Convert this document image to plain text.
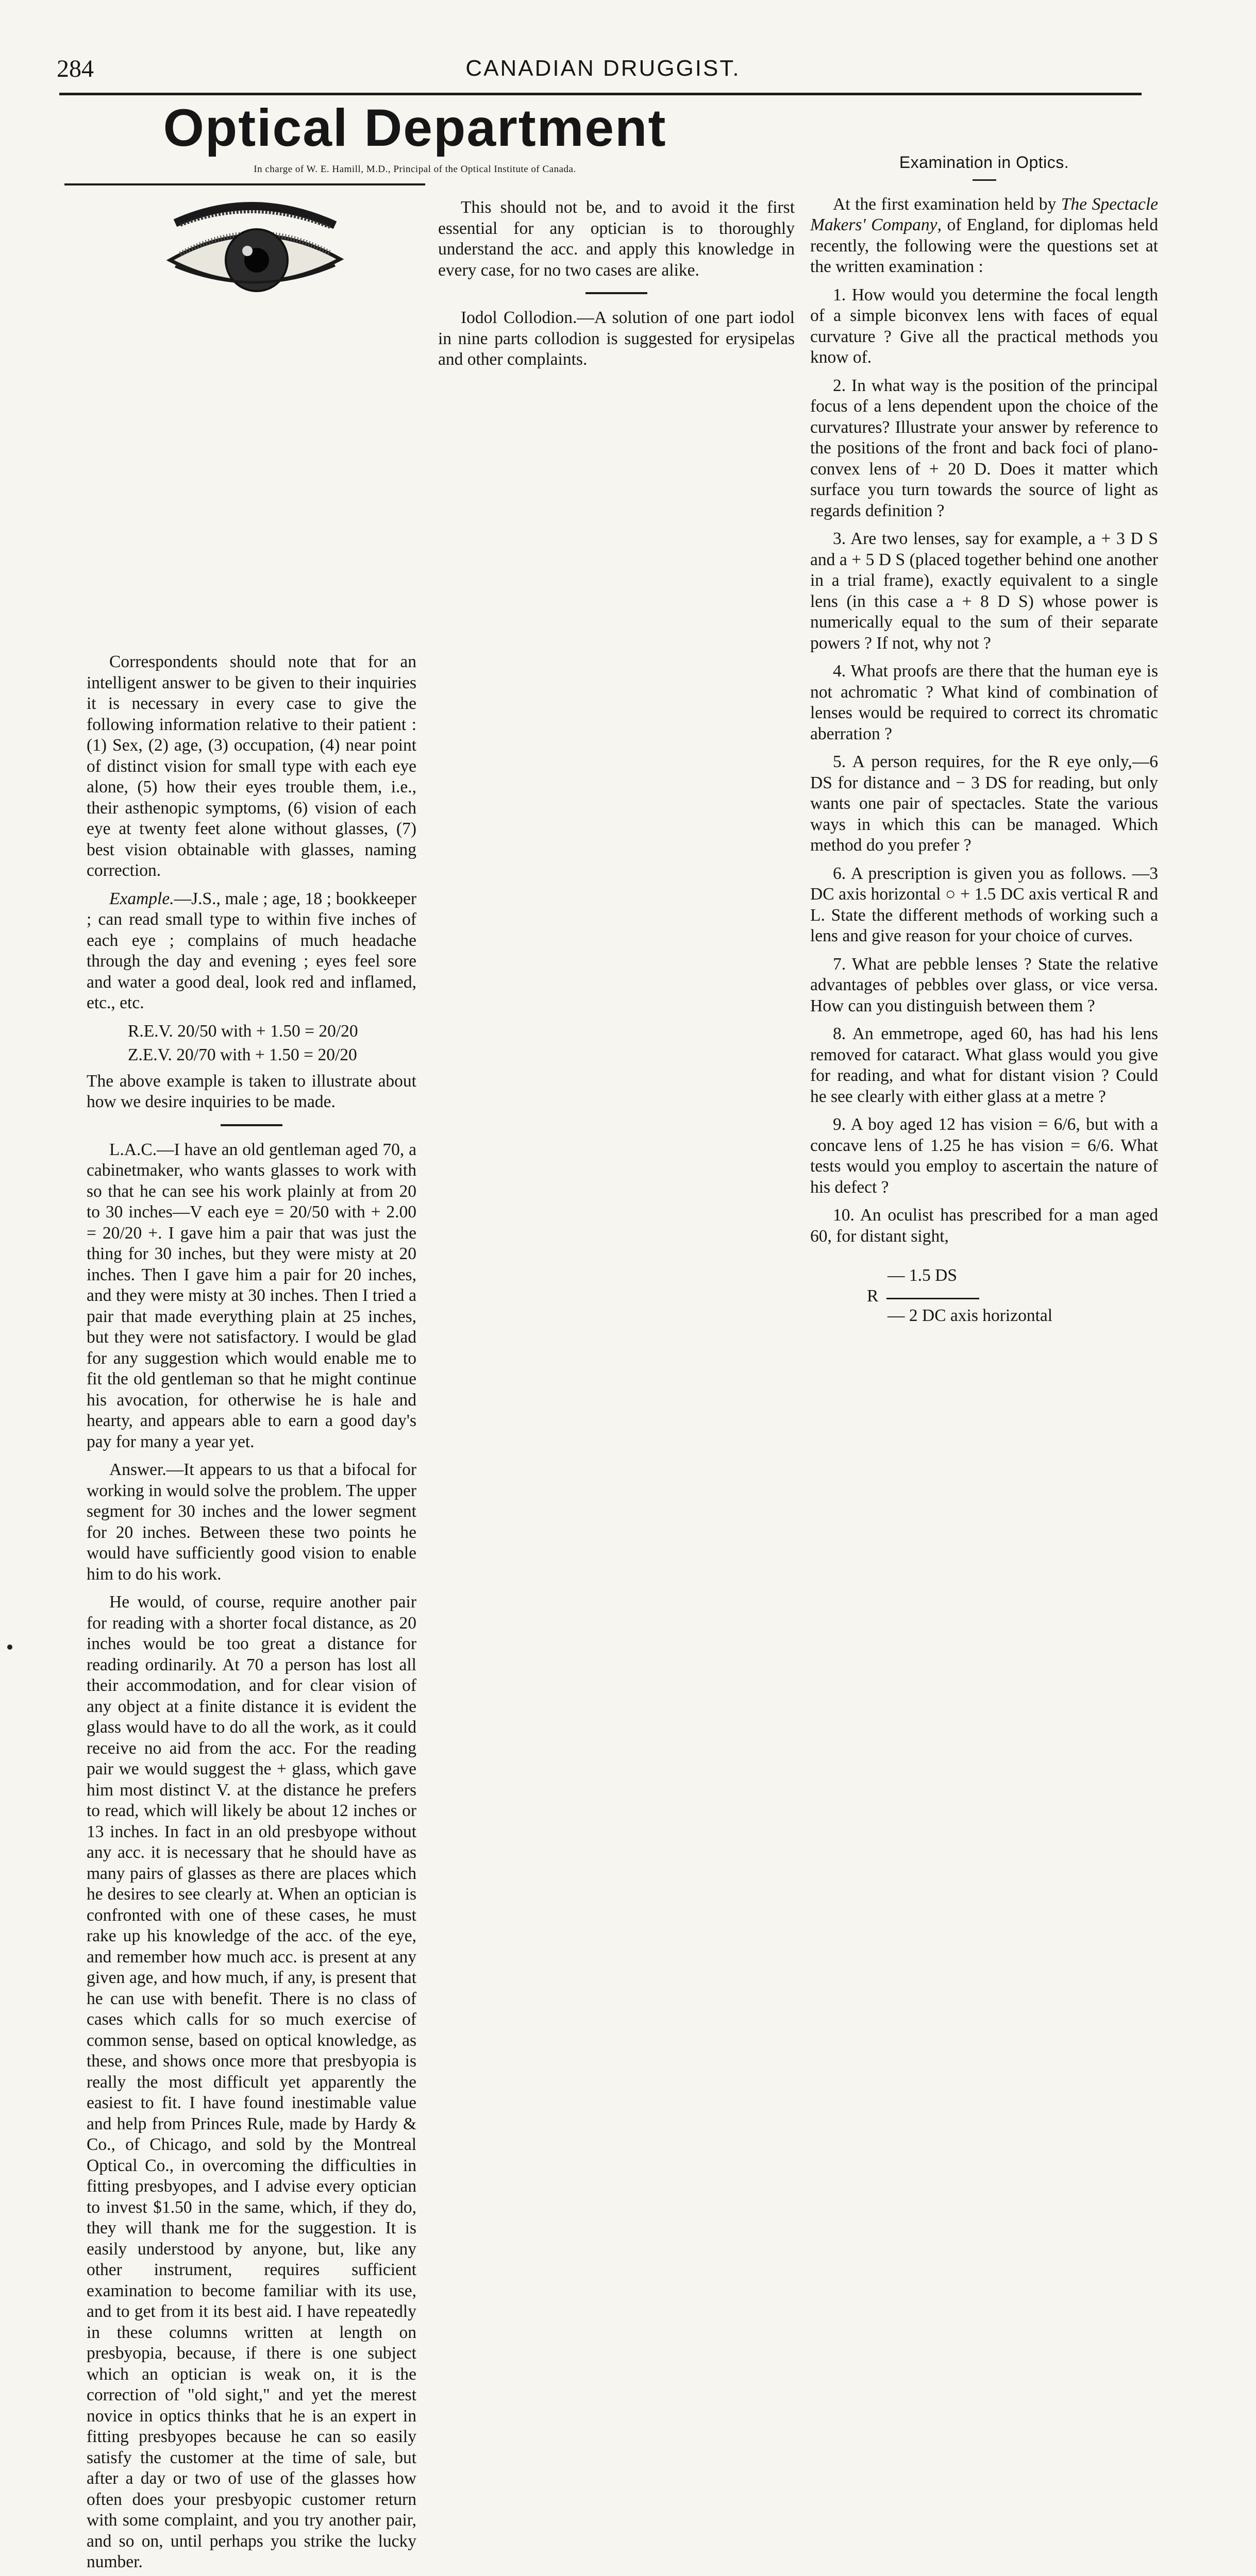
284	CANADIAN DRUGGIST.
Optical Department
In charge of W. E. Hamill, M.D., Principal of the Optical Institute of Canada.

Correspondents should note that for an intelligent answer to be given to their inquiries it is necessary in every case to give the following information relative to their patient : (1) Sex, (2) age, (3) occupation, (4) near point of distinct vision for small type with each eye alone, (5) how their eyes trouble them, i.e., their asthenopic symptoms, (6) vision of each eye at twenty feet alone without glasses, (7) best vision obtainable with glasses, naming correction.

Example.—J.S., male ; age, 18 ; bookkeeper ; can read small type to within five inches of each eye ; complains of much headache through the day and evening ; eyes feel sore and water a good deal, look red and inflamed, etc., etc.

R.E.V. 20/50 with + 1.50 = 20/20
Z.E.V. 20/70 with + 1.50 = 20/20

The above example is taken to illustrate about how we desire inquiries to be made.

L.A.C.—I have an old gentleman aged 70, a cabinetmaker, who wants glasses to work with so that he can see his work plainly at from 20 to 30 inches—V each eye = 20/50 with + 2.00 = 20/20 +. I gave him a pair that was just the thing for 30 inches, but they were misty at 20 inches. Then I gave him a pair for 20 inches, and they were misty at 30 inches. Then I tried a pair that made everything plain at 25 inches, but they were not satisfactory. I would be glad for any suggestion which would enable me to fit the old gentleman so that he might continue his avocation, for otherwise he is hale and hearty, and appears able to earn a good day's pay for many a year yet.

Answer.—It appears to us that a bifocal for working in would solve the problem. The upper segment for 30 inches and the lower segment for 20 inches. Between these two points he would have sufficiently good vision to enable him to do his work.

He would, of course, require another pair for reading with a shorter focal distance, as 20 inches would be too great a distance for reading ordinarily. At 70 a person has lost all their accommodation, and for clear vision of any object at a finite distance it is evident the glass would have to do all the work, as it could receive no aid from the acc. For the reading pair we would suggest the + glass, which gave him most distinct V. at the distance he prefers to read, which will likely be about 12 inches or 13 inches. In fact in an old presbyope without any acc. it is necessary that he should have as many pairs of glasses as there are places which he desires to see clearly at. When an optician is confronted with one of these cases, he must rake up his knowledge of the acc. of the eye, and remember how much acc. is present at any given age, and how much, if any, is present that he can use with benefit. There is no class of cases which calls for so much exercise of common sense, based on optical knowledge, as these, and shows once more that presbyopia is really the most difficult yet apparently the easiest to fit. I have found inestimable value and help from Princes Rule, made by Hardy & Co., of Chicago, and sold by the Montreal Optical Co., in overcoming the difficulties in fitting presbyopes, and I advise every optician to invest $1.50 in the same, which, if they do, they will thank me for the suggestion. It is easily understood by anyone, but, like any other instrument, requires sufficient examination to become familiar with its use, and to get from it its best aid. I have repeatedly in these columns written at length on presbyopia, because, if there is one subject which an optician is weak on, it is the correction of "old sight," and yet the merest novice in optics thinks that he is an expert in fitting presbyopes because he can so easily satisfy the customer at the time of sale, but after a day or two of use of the glasses how often does your presbyopic customer return with some complaint, and you try another pair, and so on, until perhaps you strike the lucky number.

This should not be, and to avoid it the first essential for any optician is to thoroughly understand the acc. and apply this knowledge in every case, for no two cases are alike.

Iodol Collodion.—A solution of one part iodol in nine parts collodion is suggested for erysipelas and other complaints.

Examination in Optics.

At the first examination held by The Spectacle Makers' Company, of England, for diplomas held recently, the following were the questions set at the written examination :

1. How would you determine the focal length of a simple biconvex lens with faces of equal curvature ? Give all the practical methods you know of.

2. In what way is the position of the principal focus of a lens dependent upon the choice of the curvatures? Illustrate your answer by reference to the positions of the front and back foci of plano-convex lens of + 20 D. Does it matter which surface you turn towards the source of light as regards definition ?

3. Are two lenses, say for example, a + 3 D S and a + 5 D S (placed together behind one another in a trial frame), exactly equivalent to a single lens (in this case a + 8 D S) whose power is numerically equal to the sum of their separate powers ? If not, why not ?

4. What proofs are there that the human eye is not achromatic ? What kind of combination of lenses would be required to correct its chromatic aberration ?

5. A person requires, for the R eye only,—6 DS for distance and − 3 DS for reading, but only wants one pair of spectacles. State the various ways in which this can be managed. Which method do you prefer ?

6. A prescription is given you as follows. —3 DC axis horizontal ○ + 1.5 DC axis vertical R and L. State the different methods of working such a lens and give reason for your choice of curves.

7. What are pebble lenses ? State the relative advantages of pebbles over glass, or vice versa. How can you distinguish between them ?

8. An emmetrope, aged 60, has had his lens removed for cataract. What glass would you give for reading, and what for distant vision ? Could he see clearly with either glass at a metre ?

9. A boy aged 12 has vision = 6/6, but with a concave lens of 1.25 he has vision = 6/6. What tests would you employ to ascertain the nature of his defect ?

10. An oculist has prescribed for a man aged 60, for distant sight,

— 1.5 DS
R
— 2 DC axis horizontal
